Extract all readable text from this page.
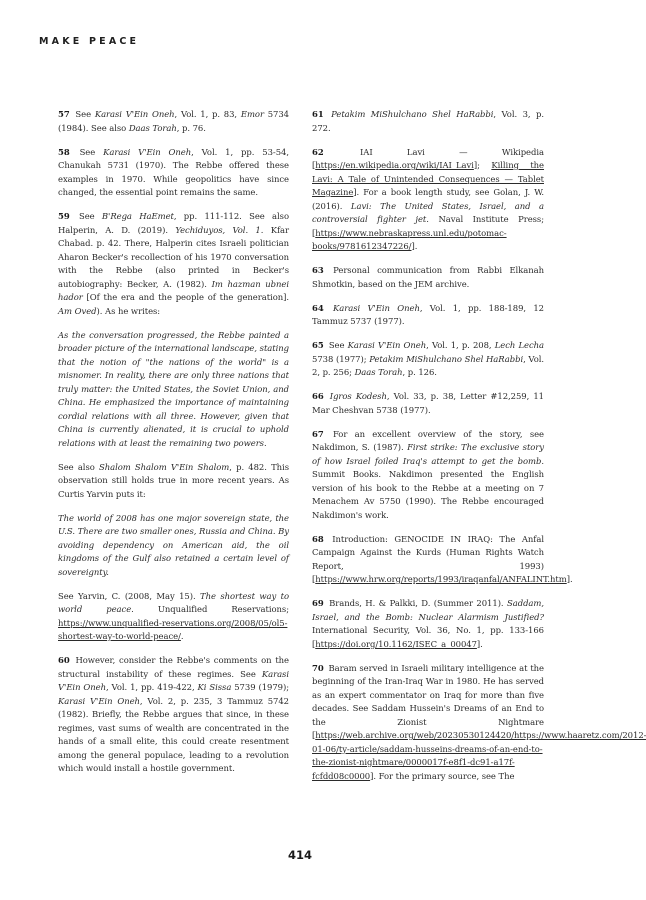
MAKE PEACE

57 See Karasi V'Ein Oneh, Vol. 1, p. 83, Emor 5734 (1984). See also Daas Torah, p. 76.

58 See Karasi V'Ein Oneh, Vol. 1, pp. 53-54, Chanukah 5731 (1970). The Rebbe offered these examples in 1970. While geopolitics have since changed, the essential point remains the same.

59 See B'Rega HaEmet, pp. 111-112. See also Halperin, A. D. (2019). Yechiduyos, Vol. 1. Kfar Chabad. p. 42. There, Halperin cites Israeli politician Aharon Becker's recollection of his 1970 conversation with the Rebbe (also printed in Becker's autobiography: Becker, A. (1982). Im hazman ubnei hador [Of the era and the people of the generation]. Am Oved). As he writes:

As the conversation progressed, the Rebbe painted a broader picture of the international landscape, stating that the notion of "the nations of the world" is a misnomer. In reality, there are only three nations that truly matter: the United States, the Soviet Union, and China. He emphasized the importance of maintaining cordial relations with all three. However, given that China is currently alienated, it is crucial to uphold relations with at least the remaining two powers.

See also Shalom Shalom V'Ein Shalom, p. 482. This observation still holds true in more recent years. As Curtis Yarvin puts it:

The world of 2008 has one major sovereign state, the U.S. There are two smaller ones, Russia and China. By avoiding dependency on American aid, the oil kingdoms of the Gulf also retained a certain level of sovereignty.

See Yarvin, C. (2008, May 15). The shortest way to world peace. Unqualified Reservations; https://www.unqualified-reservations.org/2008/05/ol5-shortest-way-to-world-peace/.

60 However, consider the Rebbe's comments on the structural instability of these regimes. See Karasi V'Ein Oneh, Vol. 1, pp. 419-422, Ki Sissa 5739 (1979); Karasi V'Ein Oneh, Vol. 2, p. 235, 3 Tammuz 5742 (1982). Briefly, the Rebbe argues that since, in these regimes, vast sums of wealth are concentrated in the hands of a small elite, this could create resentment among the general populace, leading to a revolution which would install a hostile government.

61 Petakim MiShulchano Shel HaRabbi, Vol. 3, p. 272.

62 IAI Lavi — Wikipedia [https://en.wikipedia.org/wiki/IAI_Lavi]; Killing the Lavi: A Tale of Unintended Consequences — Tablet Magazine]. For a book length study, see Golan, J. W. (2016). Lavi: The United States, Israel, and a controversial fighter jet. Naval Institute Press; [https://www.nebraskapress.unl.edu/potomac-books/9781612347226/].

63 Personal communication from Rabbi Elkanah Shmotkin, based on the JEM archive.

64 Karasi V'Ein Oneh, Vol. 1, pp. 188-189, 12 Tammuz 5737 (1977).

65 See Karasi V'Ein Oneh, Vol. 1, p. 208, Lech Lecha 5738 (1977); Petakim MiShulchano Shel HaRabbi, Vol. 2, p. 256; Daas Torah, p. 126.

66 Igros Kodesh, Vol. 33, p. 38, Letter #12,259, 11 Mar Cheshvan 5738 (1977).

67 For an excellent overview of the story, see Nakdimon, S. (1987). First strike: The exclusive story of how Israel foiled Iraq's attempt to get the bomb. Summit Books. Nakdimon presented the English version of his book to the Rebbe at a meeting on 7 Menachem Av 5750 (1990). The Rebbe encouraged Nakdimon's work.

68 Introduction: GENOCIDE IN IRAQ: The Anfal Campaign Against the Kurds (Human Rights Watch Report, 1993) [https://www.hrw.org/reports/1993/iraqanfal/ANFALINT.htm].

69 Brands, H. & Palkki, D. (Summer 2011). Saddam, Israel, and the Bomb: Nuclear Alarmism Justified? International Security, Vol. 36, No. 1, pp. 133-166 [https://doi.org/10.1162/ISEC_a_00047].

70 Baram served in Israeli military intelligence at the beginning of the Iran-Iraq War in 1980. He has served as an expert commentator on Iraq for more than five decades. See Saddam Hussein's Dreams of an End to the Zionist Nightmare [https://web.archive.org/web/20230530124420/https://www.haaretz.com/2012-01-06/ty-article/saddam-husseins-dreams-of-an-end-to-the-zionist-nightmare/0000017f-e8f1-dc91-a17f-fcfdd08c0000]. For the primary source, see The

414
